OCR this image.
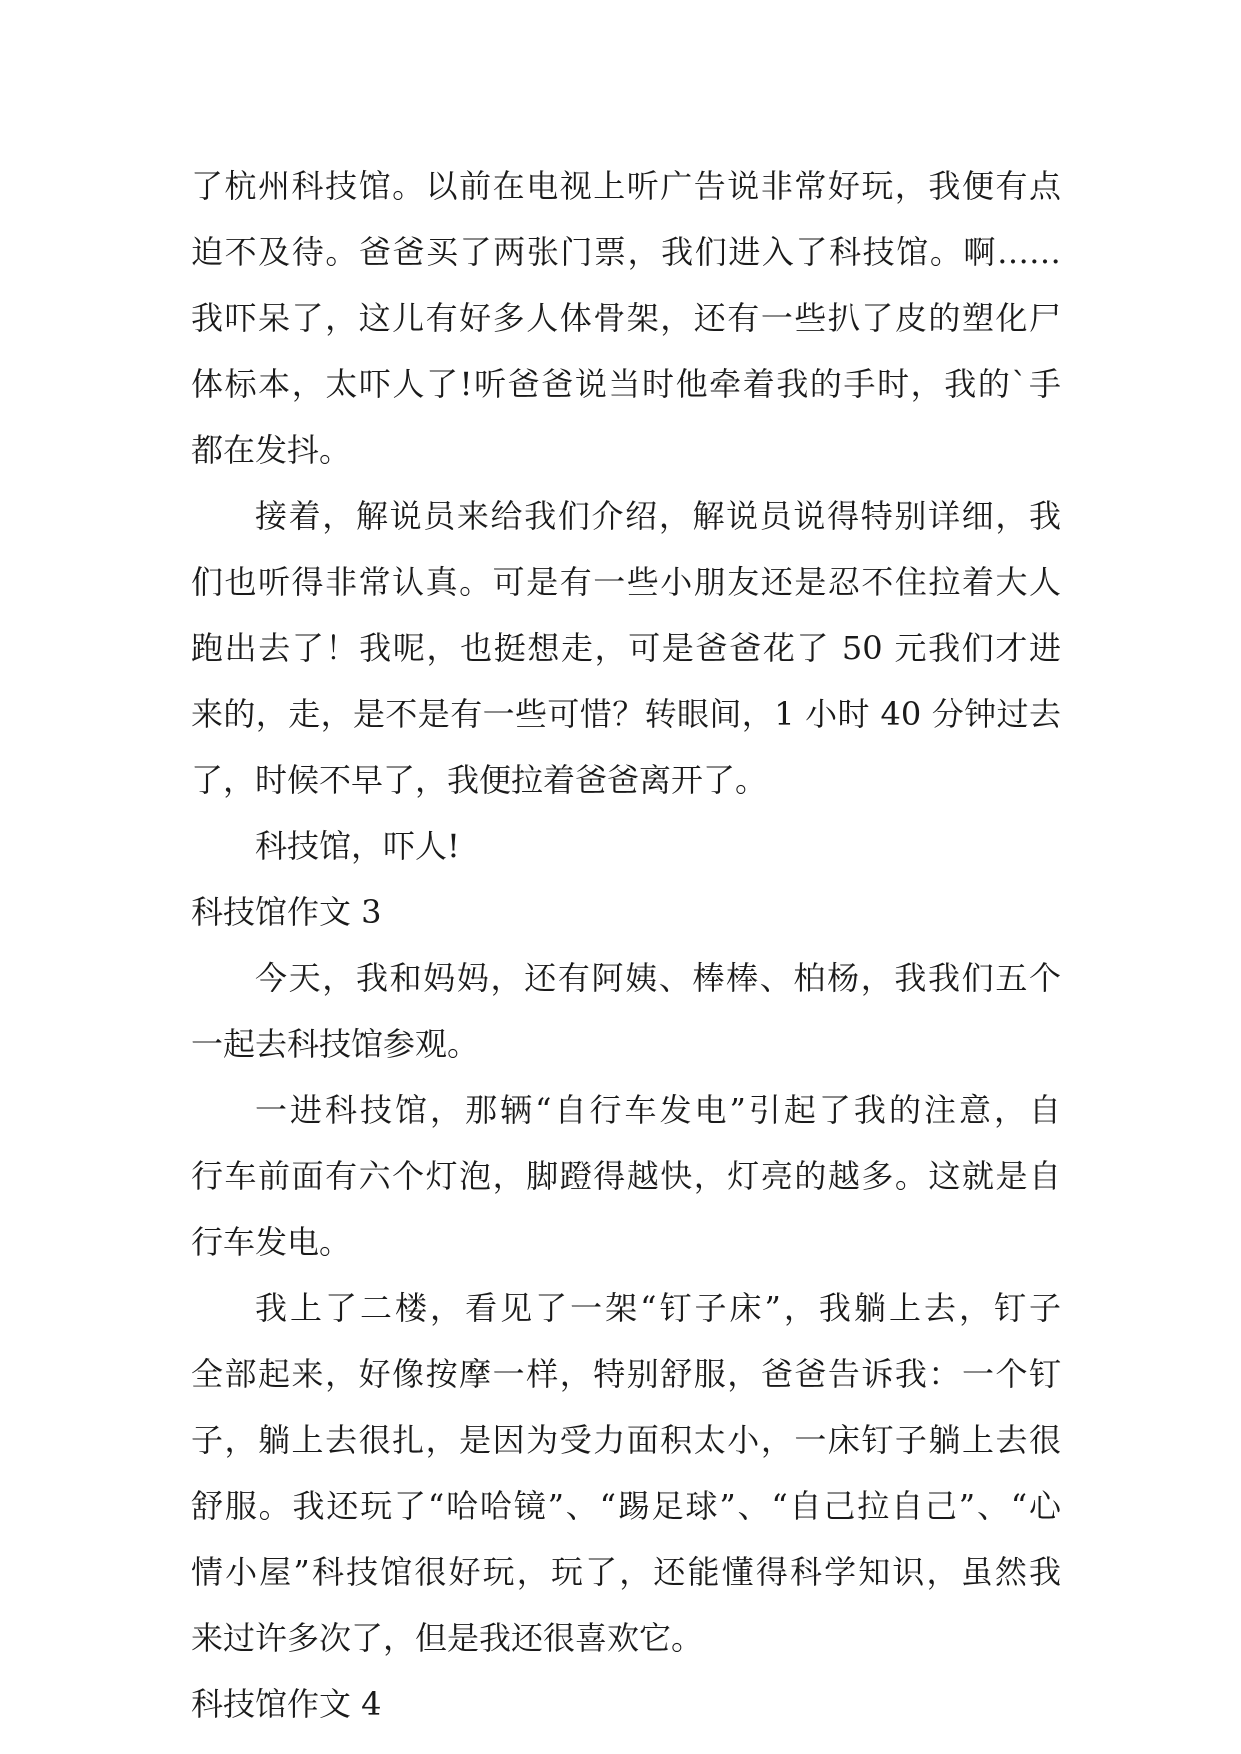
了杭州科技馆。以前在电视上听广告说非常好玩，我便有点
迫不及待。爸爸买了两张门票，我们进入了科技馆。啊……
我吓呆了，这儿有好多人体骨架，还有一些扒了皮的塑化尸
体标本，太吓人了!听爸爸说当时他牵着我的手时，我的`手
都在发抖。
接着，解说员来给我们介绍，解说员说得特别详细，我
们也听得非常认真。可是有一些小朋友还是忍不住拉着大人
跑出去了！我呢，也挺想走，可是爸爸花了 50 元我们才进
来的，走，是不是有一些可惜？转眼间，1 小时 40 分钟过去
了，时候不早了，我便拉着爸爸离开了。
科技馆，吓人!
科技馆作文 3
今天，我和妈妈，还有阿姨、棒棒、柏杨，我我们五个
一起去科技馆参观。
一进科技馆，那辆“自行车发电”引起了我的注意，自
行车前面有六个灯泡，脚蹬得越快，灯亮的越多。这就是自
行车发电。
我上了二楼，看见了一架“钉子床”，我躺上去，钉子
全部起来，好像按摩一样，特别舒服，爸爸告诉我：一个钉
子，躺上去很扎，是因为受力面积太小，一床钉子躺上去很
舒服。我还玩了“哈哈镜”、“踢足球”、“自己拉自己”、“心
情小屋”科技馆很好玩，玩了，还能懂得科学知识，虽然我
来过许多次了，但是我还很喜欢它。
科技馆作文 4
